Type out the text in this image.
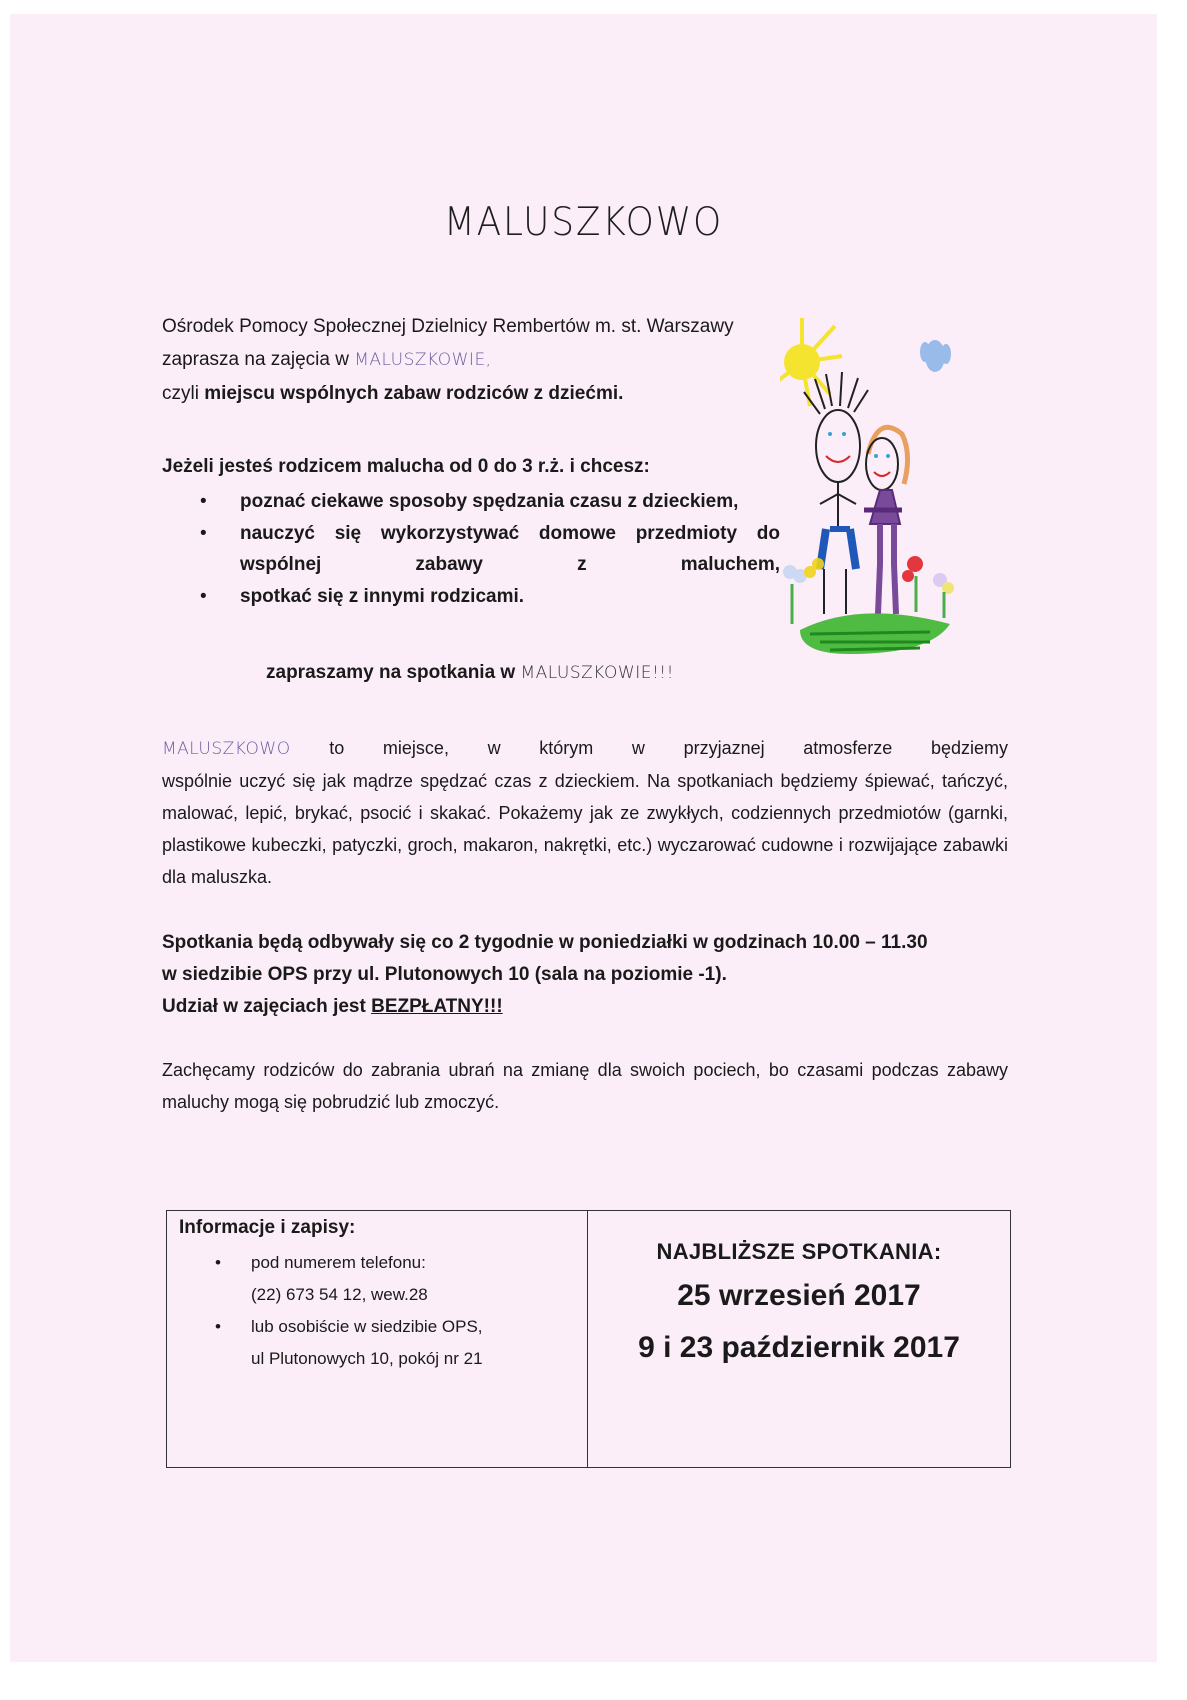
MALUSZKOWO

Ośrodek Pomocy Społecznej Dzielnicy Rembertów m. st. Warszawy

zaprasza na zajęcia w MALUSZKOWIE,

czyli miejscu wspólnych zabaw rodziców z dziećmi.

Jeżeli jesteś rodzicem malucha od 0 do 3 r.ż. i chcesz:

• poznać ciekawe sposoby spędzania czasu z dzieckiem,
• nauczyć się wykorzystywać domowe przedmioty do
wspólnej zabawy z maluchem,
• spotkać się z innymi rodzicami.

zapraszamy na spotkania w MALUSZKOWIE!!!

MALUSZKOWO to miejsce, w którym w przyjaznej atmosferze będziemy

wspólnie uczyć się jak mądrze spędzać czas z dzieckiem. Na spotkaniach będziemy śpiewać, tańczyć, malować, lepić, brykać, psocić i skakać. Pokażemy jak ze zwykłych, codziennych przedmiotów (garnki, plastikowe kubeczki, patyczki, groch, makaron, nakrętki, etc.) wyczarować cudowne i rozwijające zabawki dla maluszka.

Spotkania będą odbywały się co 2 tygodnie w poniedziałki w godzinach 10.00 – 11.30

w siedzibie OPS przy ul. Plutonowych 10 (sala na poziomie -1).

Udział w zajęciach jest BEZPŁATNY!!!

Zachęcamy rodziców do zabrania ubrań na zmianę dla swoich pociech, bo czasami podczas zabawy maluchy mogą się pobrudzić lub zmoczyć.

Informacje i zapisy:

• pod numerem telefonu:
(22) 673 54 12, wew.28
• lub osobiście w siedzibie OPS,
ul Plutonowych 10, pokój nr 21

NAJBLIŻSZE SPOTKANIA:

25 wrzesień 2017

9 i 23 październik 2017
